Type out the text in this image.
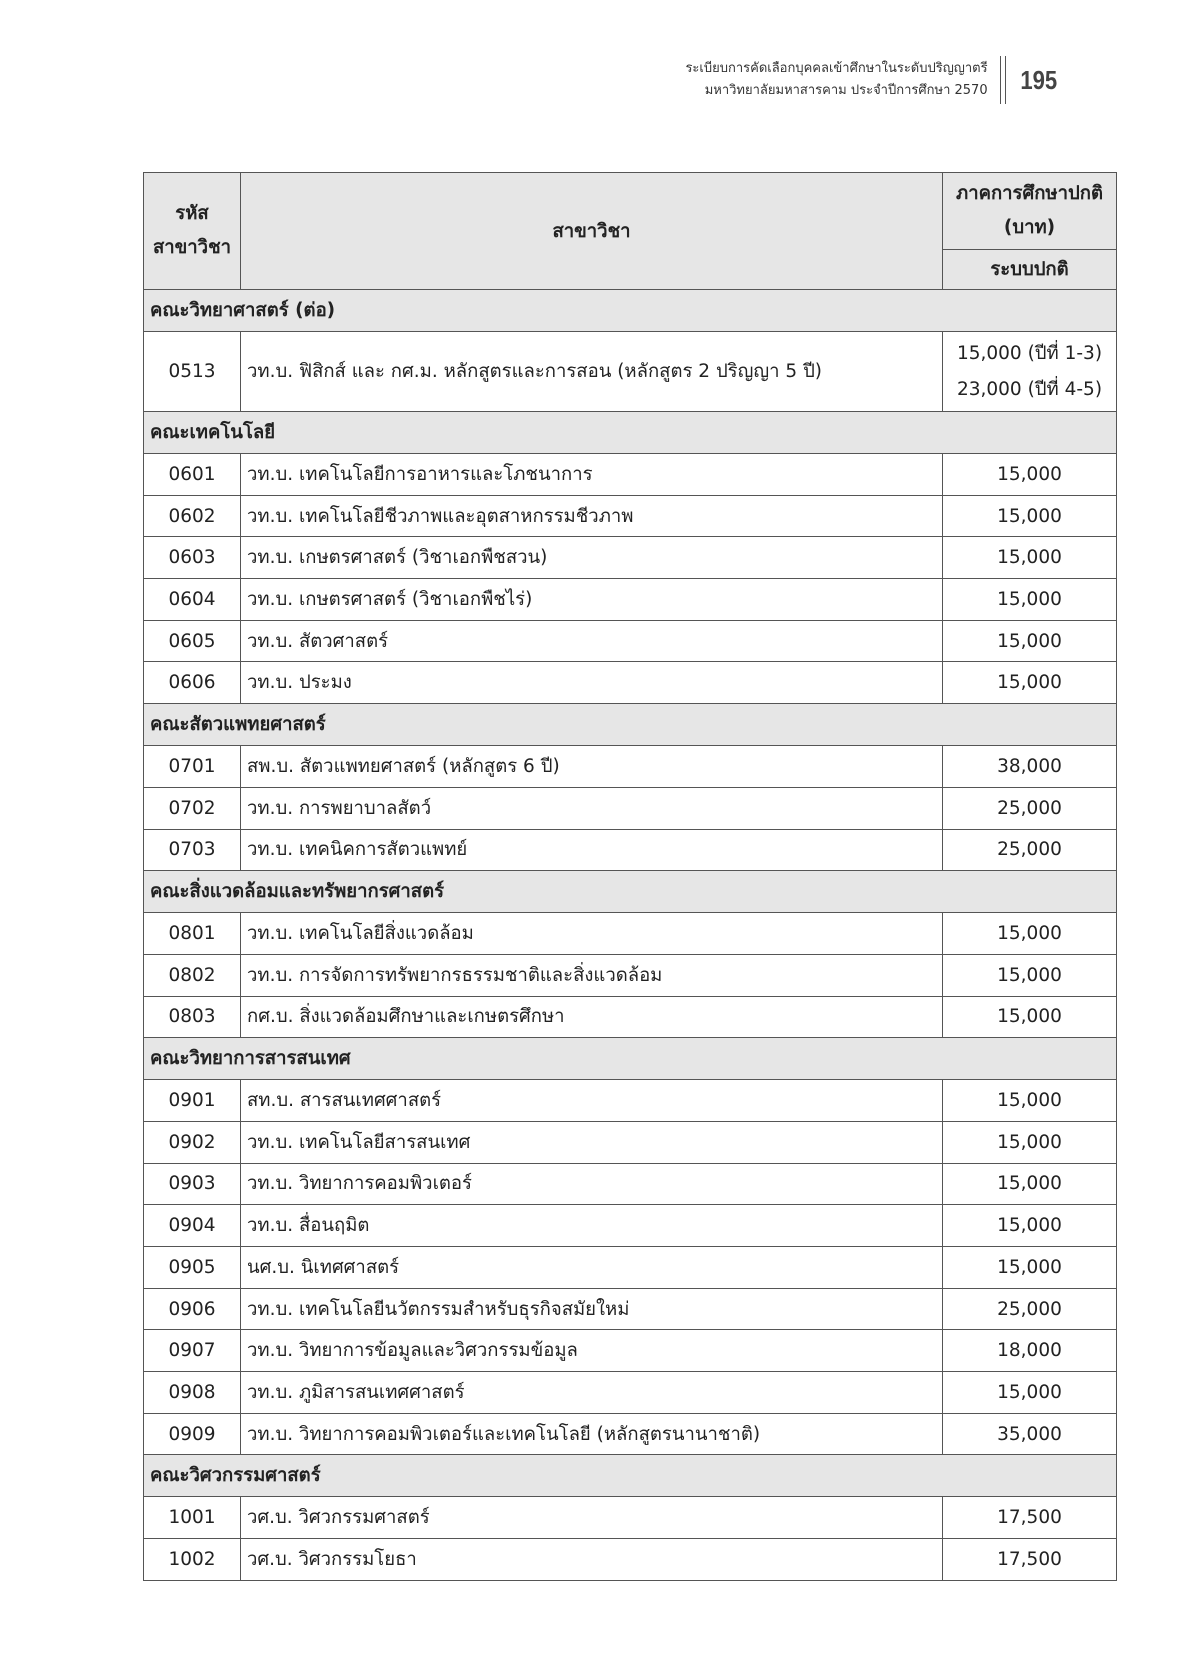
ระเบียบการคัดเลือกบุคคลเข้าศึกษาในระดับปริญญาตรี
มหาวิทยาลัยมหาสารคาม ประจำปีการศึกษา 2570	195
รหัส สาขาวิชา	สาขาวิชา	ภาคการศึกษาปกติ (บาท)
		ระบบปกติ
คณะวิทยาศาสตร์ (ต่อ)		
0513	วท.บ. ฟิสิกส์ และ กศ.ม. หลักสูตรและการสอน (หลักสูตร 2 ปริญญา 5 ปี)	15,000 (ปีที่ 1-3)
23,000 (ปีที่ 4-5)

คณะเทคโนโลยี		
0601	วท.บ. เทคโนโลยีการอาหารและโภชนาการ	15,000
0602	วท.บ. เทคโนโลยีชีวภาพและอุตสาหกรรมชีวภาพ	15,000
0603	วท.บ. เกษตรศาสตร์ (วิชาเอกพืชสวน)	15,000
0604	วท.บ. เกษตรศาสตร์ (วิชาเอกพืชไร่)	15,000
0605	วท.บ. สัตวศาสตร์	15,000
0606	วท.บ. ประมง	15,000
คณะสัตวแพทยศาสตร์		
0701	สพ.บ. สัตวแพทยศาสตร์ (หลักสูตร 6 ปี)	38,000
0702	วท.บ. การพยาบาลสัตว์	25,000
0703	วท.บ. เทคนิคการสัตวแพทย์	25,000
คณะสิ่งแวดล้อมและทรัพยากรศาสตร์		
0801	วท.บ. เทคโนโลยีสิ่งแวดล้อม	15,000
0802	วท.บ. การจัดการทรัพยากรธรรมชาติและสิ่งแวดล้อม	15,000
0803	กศ.บ. สิ่งแวดล้อมศึกษาและเกษตรศึกษา	15,000
คณะวิทยาการสารสนเทศ		
0901	สท.บ. สารสนเทศศาสตร์	15,000
0902	วท.บ. เทคโนโลยีสารสนเทศ	15,000
0903	วท.บ. วิทยาการคอมพิวเตอร์	15,000
0904	วท.บ. สื่อนฤมิต	15,000
0905	นศ.บ. นิเทศศาสตร์	15,000
0906	วท.บ. เทคโนโลยีนวัตกรรมสำหรับธุรกิจสมัยใหม่	25,000
0907	วท.บ. วิทยาการข้อมูลและวิศวกรรมข้อมูล	18,000
0908	วท.บ. ภูมิสารสนเทศศาสตร์	15,000
0909	วท.บ. วิทยาการคอมพิวเตอร์และเทคโนโลยี (หลักสูตรนานาชาติ)	35,000
คณะวิศวกรรมศาสตร์		
1001	วศ.บ. วิศวกรรมศาสตร์	17,500
1002	วศ.บ. วิศวกรรมโยธา	17,500
